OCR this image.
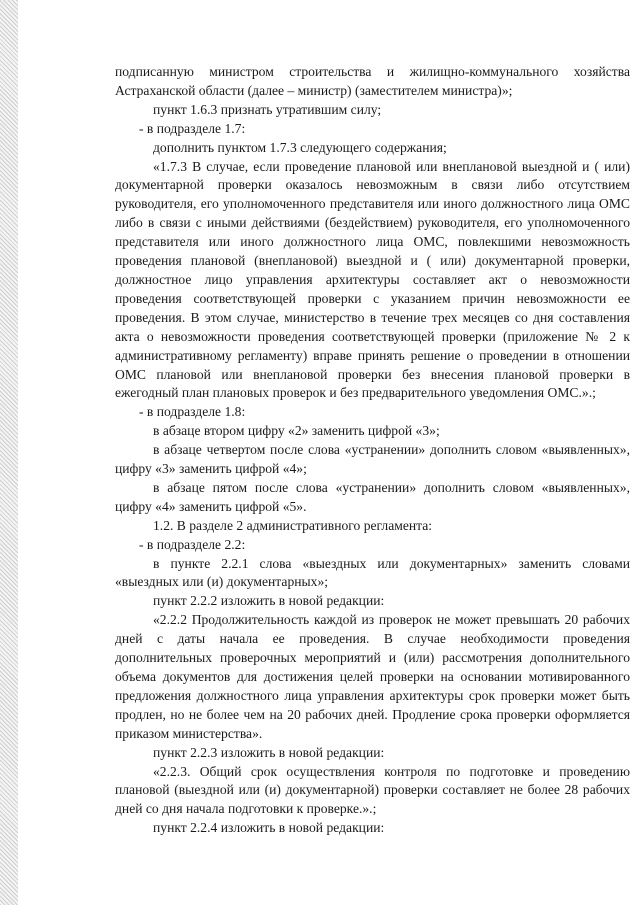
подписанную министром строительства и жилищно-коммунального хозяйства Астраханской области (далее – министр) (заместителем министра)»;

пункт 1.6.3 признать утратившим силу;

- в подразделе 1.7:

дополнить пунктом 1.7.3 следующего содержания;

«1.7.3 В случае, если проведение плановой или внеплановой выездной и ( или) документарной проверки оказалось невозможным в связи либо отсутствием руководителя, его уполномоченного представителя или иного должностного лица ОМС либо в связи с иными действиями (бездействием) руководителя, его уполномоченного представителя или иного должностного лица ОМС, повлекшими невозможность проведения плановой (внеплановой) выездной и ( или) документарной проверки, должностное лицо управления архитектуры составляет акт о невозможности проведения соответствующей проверки с указанием причин невозможности ее проведения. В этом случае, министерство в течение трех месяцев со дня составления акта о невозможности проведения соответствующей проверки (приложение № 2 к административному регламенту) вправе принять решение о проведении в отношении ОМС плановой или внеплановой проверки без внесения плановой проверки в ежегодный план плановых проверок и без предварительного уведомления ОМС.».;

- в подразделе 1.8:

в абзаце втором цифру «2» заменить цифрой «3»;

в абзаце четвертом после слова «устранении» дополнить словом «выявленных», цифру «3» заменить цифрой «4»;

в абзаце пятом после слова «устранении» дополнить словом «выявленных», цифру «4» заменить цифрой «5».

1.2. В разделе 2 административного регламента:

- в подразделе 2.2:

в пункте 2.2.1 слова «выездных или документарных» заменить словами «выездных или (и) документарных»;

пункт 2.2.2 изложить в новой редакции:

«2.2.2 Продолжительность каждой из проверок не может превышать 20 рабочих дней с даты начала ее проведения. В случае необходимости проведения дополнительных проверочных мероприятий и (или) рассмотрения дополнительного объема документов для достижения целей проверки на основании мотивированного предложения должностного лица управления архитектуры срок проверки может быть продлен, но не более чем на 20 рабочих дней. Продление срока проверки оформляется приказом министерства».

пункт 2.2.3 изложить в новой редакции:

«2.2.3. Общий срок осуществления контроля по подготовке и проведению плановой (выездной или (и) документарной) проверки составляет не более 28 рабочих дней со дня начала подготовки к проверке.».;

пункт 2.2.4 изложить в новой редакции:
